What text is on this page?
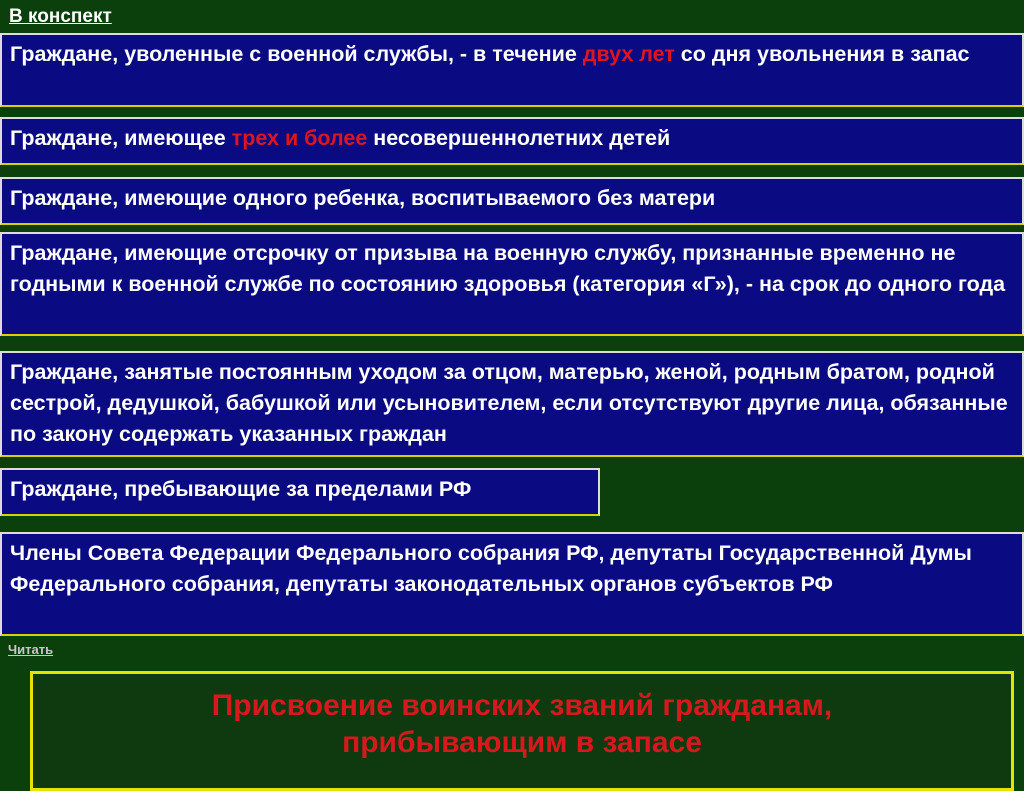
В конспект
Граждане, уволенные с военной службы, - в течение двух лет со дня увольнения в запас
Граждане, имеющее трех и более несовершеннолетних детей
Граждане, имеющие одного ребенка, воспитываемого без матери
Граждане, имеющие отсрочку от призыва на военную службу, признанные временно не годными к военной службе по состоянию здоровья (категория «Г»), - на срок до одного года
Граждане, занятые постоянным уходом за отцом, матерью, женой, родным братом, родной сестрой, дедушкой, бабушкой или усыновителем, если отсутствуют другие лица, обязанные по закону содержать указанных граждан
Граждане, пребывающие за пределами РФ
Члены Совета Федерации Федерального собрания РФ, депутаты Государственной Думы Федерального собрания, депутаты законодательных органов субъектов РФ
Читать
Присвоение воинских званий гражданам,
прибывающим в запасе
